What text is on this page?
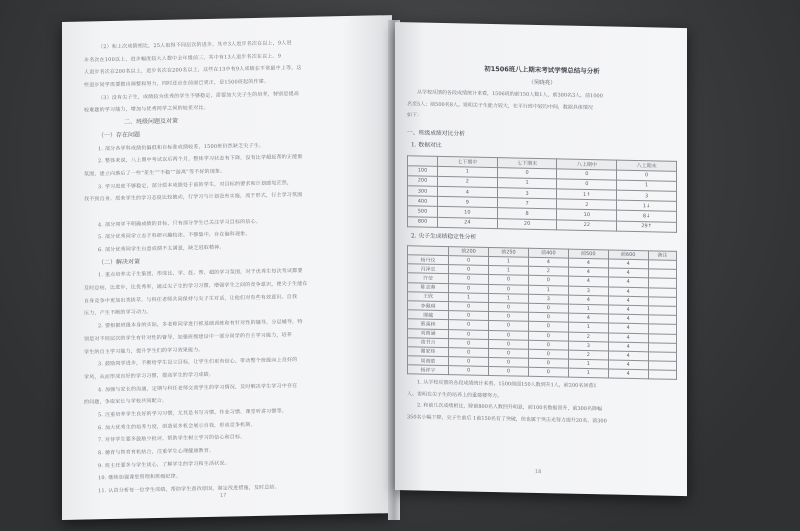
（2）和上次成绩相比，25人取得不同层次的进步，其中3人进步名次在以上，9人进
步名次在100以上，进步幅度较大人数中全年级前三，其中有13人退步名次在以上。9
人退步名次在200名以上，退步名次在200名以上，这些在13中有9人成绩在平常最中上等，这
些退步同学需要做出调整和努力，同时还应在前面已更正，是1500班起的作建。
（3）没有尖子生，成绩较为优秀的学生不够稳定，需要加大尖子生的培养，特别是提高
较难题的学习能力，增加与优秀同学之间的较差对比。
二、班级问题及对策
（一）存在问题
1. 部分各学科成绩仍偏低和自标准成绩较差，1500班仍然缺乏尖子生。
2. 整体来说，八上期中考试以后两个月，整体学习状态有下降，没有比学超赶帮的正能量
氛围，建立向落后了一些“差生”“不稳”“游离”等不好的现象。
3. 学习进度不够稳定，部分原本成绩处于前的学生，对目标的要求和计划感觉茫然，
找不到自身。原来学生的学习态度比较被动，行学习与计划没有实施，流于形式，行主学习氛围
4. 部分同学不明确成绩的目标，只有部分学生已关注学习目标的信心。
5. 部分优秀同学立志于科研兴趣较浓、不够集中，存在偏科现象。
6. 部分优秀同学生自意成绩不太满意，缺乏进取精神。
（二）解决对策
1. 重点培养尖子生集团，形成比、学、赶、帮、超的学习氛围，对于优秀生每次考试都要
及时总结，比进步，比优秀率，通过尖子生的学习习惯，增强学生之间的竞争意识，使尖子生能在
自身竞争中更加出类拔萃。与科任老师共同保持与尖子生对话，让他们对有些有效意识、自我
压力，产生不断的学习动力。
2. 要根据班级本身的实际，多老师同学进行抓基础训练和有针对性的辅导，分层辅导，特
别是对不同层次的学生有针对性的督导，加强班级建设中一部分同学的自主学习能力，培养
学生的自主学习能力，提升学生们的学习效果能力。
3. 鼓励同学进步，不断给学生设立目标，让学生们更有信心，带动整个班级向上良好的
学风，从而形成良好的学习习惯，提高学生的学习成绩。
4. 加强与家长的沟通，定期与科任老师交流学生的学习情况，及时解决学生学习中存在
的问题，争取家长与学校共同配合。
5. 注重培养学生良好的学习习惯，尤其是书写习惯、作业习惯、课堂听讲习惯等。
6. 加大优秀生的培养力度，创造更多机会展示自我，形成竞争机制。
7. 对待学生要多鼓励少批评，帮助学生树立学习的信心和目标。
8. 德育与智育有机结合，注重学生心理健康教育。
9. 班主任要多与学生谈心，了解学生的学习和生活状况。
10. 继续加强课堂管理和班级纪律。
11. 认真分析每一位学生成绩，帮助学生查找原因，制定改进措施，及时总结。
17
初1506班八上期末考试学情总结与分析
（吴晓亮）
从学校反馈的各段成绩统计来看，1506班的前150人数1人，前300名3人，前1000
名至5人；前500名8人。说明尖子生能力较大，在平行班中较均中间，数据具体情况
如下：
一、班级成绩对比分析
1. 数据对比
	七下期中	七下期末	八上期中	八上期末
100	1	0	0	0
200	2	1	0	1
300	4	3	1↑	3
400	9	7	2	1↓
500	10	8	10	8↓
800	24	20	22	29↑
2. 尖子生成绩稳定性分析
	前200	前250	前400	前500	前600	备注
杨丹仪	0	1	4	4	4	
冯泽忠	0	1	2	4	4	
许莹	0	0	0	4	4	
陈志蓉	0	0	1	3	4	
王欣	1	1	3	4	4	
李佩琪	0	0	0	1	4	
谭越	0	0	0	4	4	
蔡溪林	0	0	0	1	4	
刘雨涵	0	0	0	2	4	
凌书言	0	0	0	3	4	
谢家炜	0	0	0	2	4	
周雨皓	0	0	0	1	4	
杨祥宇	0	0	0	1	4	
1. 从学校反馈的各段成绩统计来看，1500前面150人数到升1人，前200名回落1
人。说明在尖子生的培养上的重建楼努力。
2. 和前几次成绩相比，除前800名人数回升明显，前100名数据回升，前300名降幅
350名小幅下降，尖子生前后 1前150名有了突破，但也属于突击光努力提升20名，前300
18
